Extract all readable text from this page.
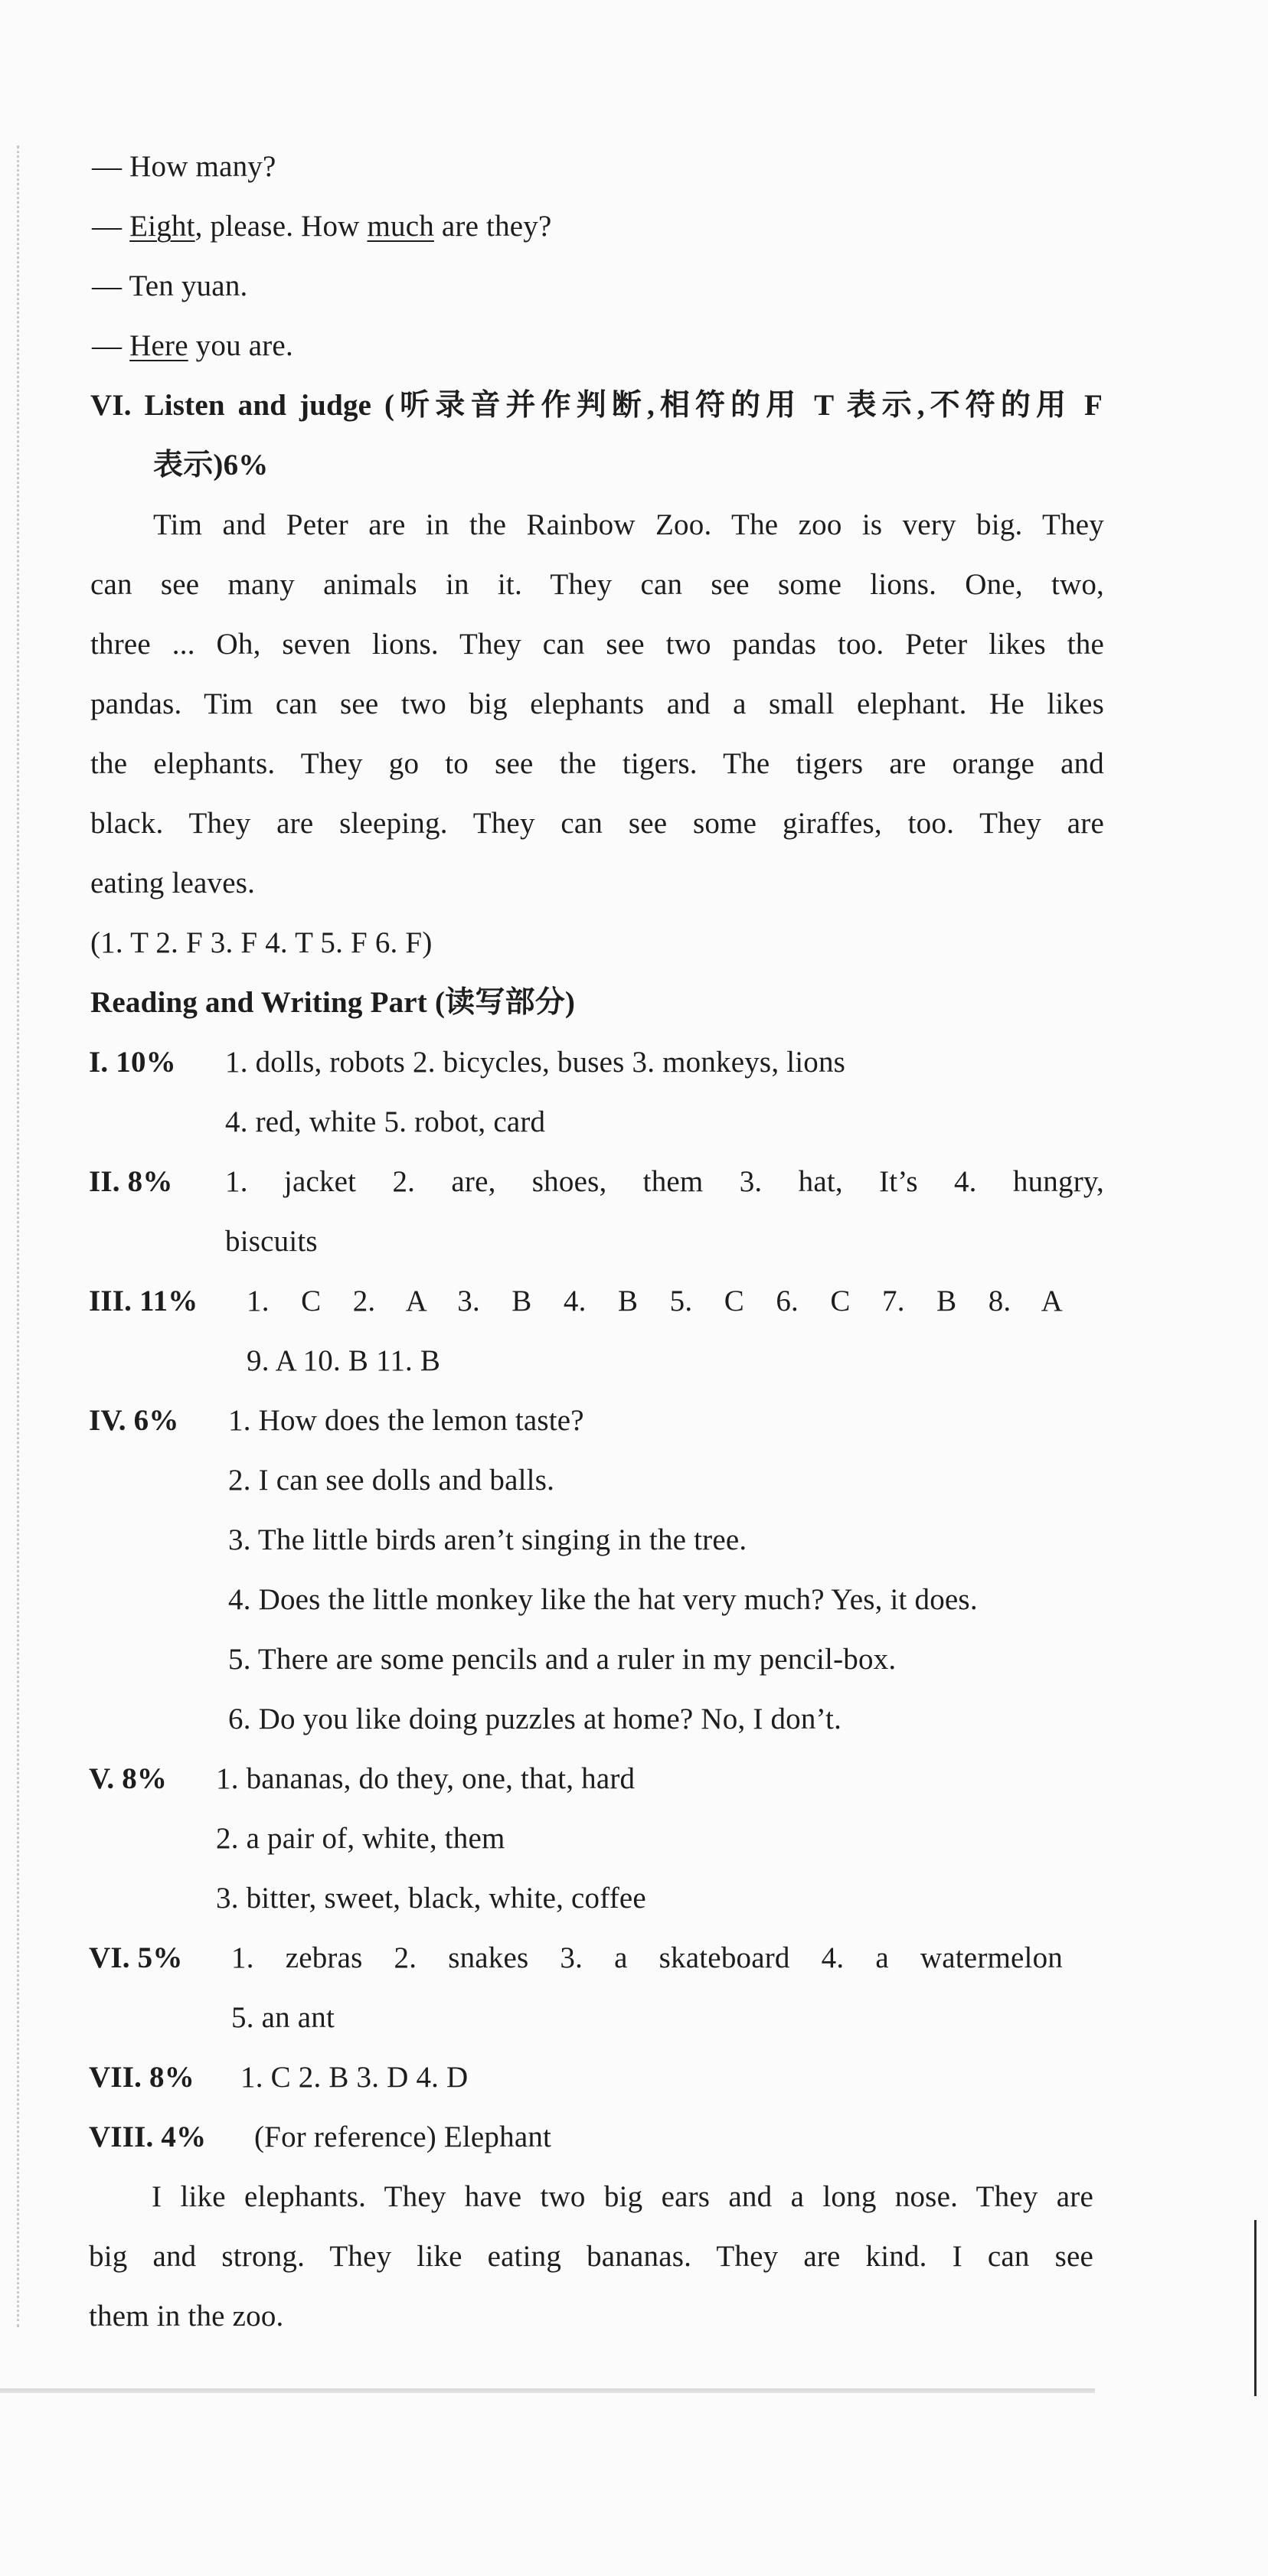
— How many?
— Eight, please. How much are they?
— Ten yuan.
— Here you are.
VI. Listen and judge (听录音并作判断,相符的用 T 表示,不符的用 F
表示)6%
Tim and Peter are in the Rainbow Zoo. The zoo is very big. They
can see many animals in it. They can see some lions. One, two,
three ... Oh, seven lions. They can see two pandas too. Peter likes the
pandas. Tim can see two big elephants and a small elephant. He likes
the elephants. They go to see the tigers. The tigers are orange and
black. They are sleeping. They can see some giraffes, too. They are
eating leaves.
(1. T 2. F 3. F 4. T 5. F 6. F)
Reading and Writing Part (读写部分)
I. 10% 1. dolls, robots 2. bicycles, buses 3. monkeys, lions
4. red, white 5. robot, card
II. 8% 1. jacket 2. are, shoes, them 3. hat, It’s 4. hungry,
biscuits
III. 11% 1. C 2. A 3. B 4. B 5. C 6. C 7. B 8. A
9. A 10. B 11. B
IV. 6% 1. How does the lemon taste?
2. I can see dolls and balls.
3. The little birds aren’t singing in the tree.
4. Does the little monkey like the hat very much? Yes, it does.
5. There are some pencils and a ruler in my pencil-box.
6. Do you like doing puzzles at home? No, I don’t.
V. 8% 1. bananas, do they, one, that, hard
2. a pair of, white, them
3. bitter, sweet, black, white, coffee
VI. 5% 1. zebras 2. snakes 3. a skateboard 4. a watermelon
5. an ant
VII. 8% 1. C 2. B 3. D 4. D
VIII. 4% (For reference) Elephant
I like elephants. They have two big ears and a long nose. They are
big and strong. They like eating bananas. They are kind. I can see
them in the zoo.
